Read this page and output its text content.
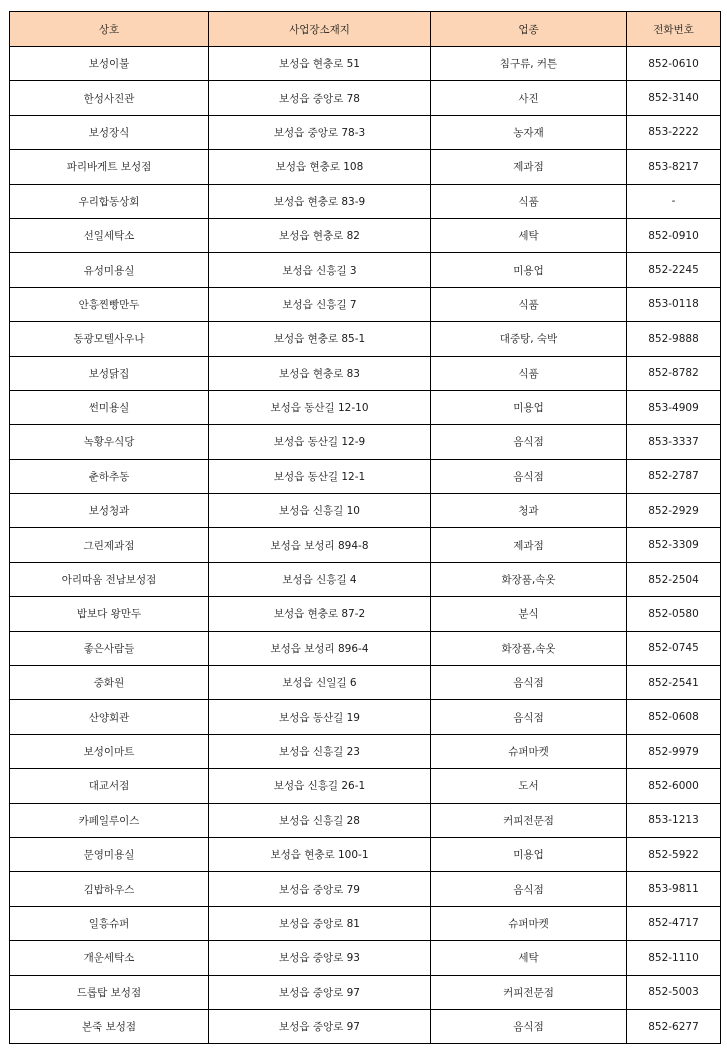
상호	사업장소재지	업종	전화번호
보성이불	보성읍 현충로 51	침구류, 커튼	852-0610
한성사진관	보성읍 중앙로 78	사진	852-3140
보성장식	보성읍 중앙로 78-3	농자재	853-2222
파리바게트 보성점	보성읍 현충로 108	제과점	853-8217
우리합동상회	보성읍 현충로 83-9	식품	-
선일세탁소	보성읍 현충로 82	세탁	852-0910
유성미용실	보성읍 신흥길 3	미용업	852-2245
안흥찐빵만두	보성읍 신흥길 7	식품	853-0118
동광모텔사우나	보성읍 현충로 85-1	대중탕, 숙박	852-9888
보성닭집	보성읍 현충로 83	식품	852-8782
썬미용실	보성읍 동산길 12-10	미용업	853-4909
녹황우식당	보성읍 동산길 12-9	음식점	853-3337
춘하추동	보성읍 동산길 12-1	음식점	852-2787
보성청과	보성읍 신흥길 10	청과	852-2929
그린제과점	보성읍 보성리 894-8	제과점	852-3309
아리따움 전남보성점	보성읍 신흥길 4	화장품,속옷	852-2504
밥보다 왕만두	보성읍 현충로 87-2	분식	852-0580
좋은사람들	보성읍 보성리 896-4	화장품,속옷	852-0745
중화원	보성읍 신일길 6	음식점	852-2541
산양회관	보성읍 동산길 19	음식점	852-0608
보성이마트	보성읍 신흥길 23	슈퍼마켓	852-9979
대교서점	보성읍 신흥길 26-1	도서	852-6000
카페일루이스	보성읍 신흥길 28	커피전문점	853-1213
문영미용실	보성읍 현충로 100-1	미용업	852-5922
김밥하우스	보성읍 중앙로 79	음식점	853-9811
일흥슈퍼	보성읍 중앙로 81	슈퍼마켓	852-4717
개운세탁소	보성읍 중앙로 93	세탁	852-1110
드롭탑 보성점	보성읍 중앙로 97	커피전문점	852-5003
본죽 보성점	보성읍 중앙로 97	음식점	852-6277
